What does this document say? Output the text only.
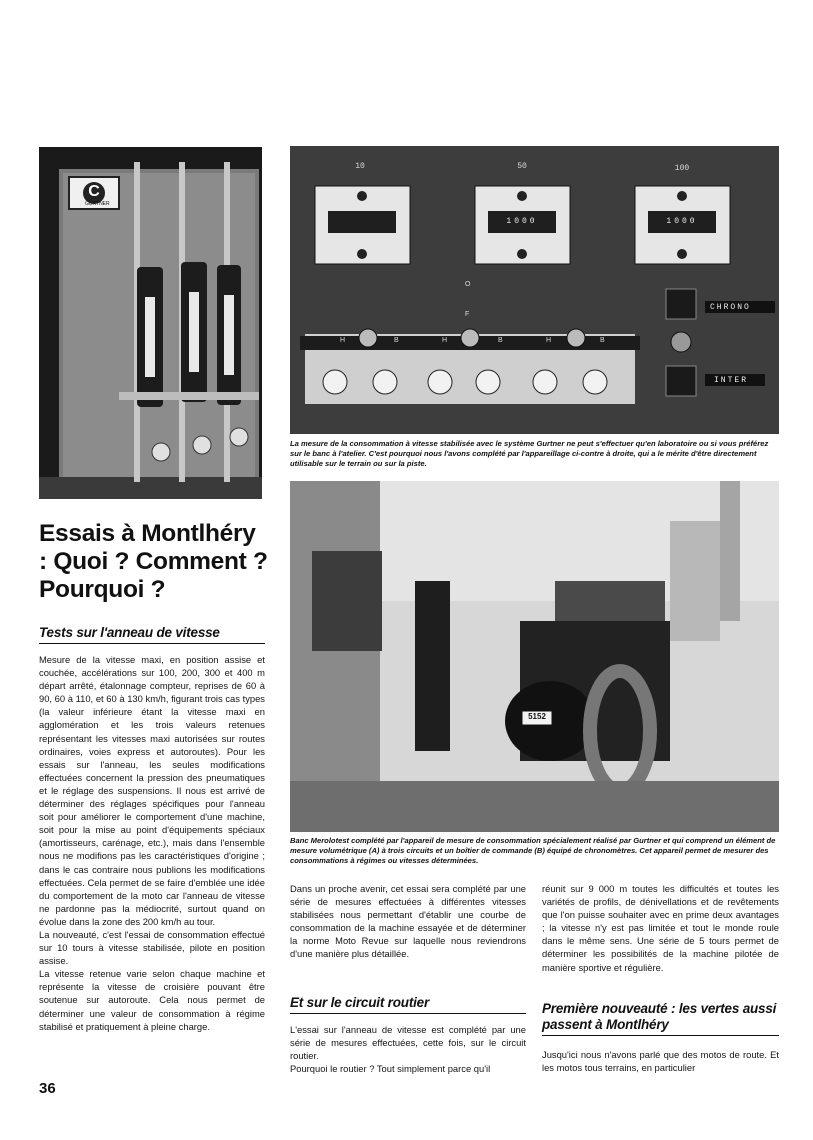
C
GURTNER
10	50	100
1000	1000
O
F
H	B	H	B	H	B
CHRONO
INTER
La mesure de la consommation à vitesse stabilisée avec le système Gurtner ne peut s'effectuer qu'en laboratoire ou si vous préférez sur le banc à l'atelier. C'est pourquoi nous l'avons complété par l'appareillage ci-contre à droite, qui a le mérite d'être directement utilisable sur le terrain ou sur la piste.
5152
Banc Merolotest complété par l'appareil de mesure de consommation spécialement réalisé par Gurtner et qui comprend un élément de mesure volumétrique (A) à trois circuits et un boîtier de commande (B) équipé de chronomètres. Cet appareil permet de mesurer des consommations à régimes ou vitesses déterminées.
Essais à Montlhéry : Quoi ? Comment ? Pourquoi ?
Tests sur l'anneau de vitesse

Mesure de la vitesse maxi, en position assise et couchée, accélérations sur 100, 200, 300 et 400 m départ arrêté, étalonnage compteur, reprises de 60 à 90, 60 à 110, et 60 à 130 km/h, figurant trois cas types (la valeur inférieure étant la vitesse maxi en agglomération et les trois valeurs retenues représentant les vitesses maxi autorisées sur routes ordinaires, voies express et autoroutes). Pour les essais sur l'anneau, les seules modifications effectuées concernent la pression des pneumatiques et le réglage des suspensions. Il nous est arrivé de déterminer des réglages spécifiques pour l'anneau soit pour améliorer le comportement d'une machine, soit pour la mise au point d'équipements spéciaux (amortisseurs, carénage, etc.), mais dans l'ensemble nous ne modifions pas les caractéristiques d'origine ; dans le cas contraire nous publions les modifications effectuées. Cela permet de se faire d'emblée une idée du comportement de la moto car l'anneau de vitesse ne pardonne pas la médiocrité, surtout quand on évolue dans la zone des 200 km/h au tour.

La nouveauté, c'est l'essai de consommation effectué sur 10 tours à vitesse stabilisée, pilote en position assise.

La vitesse retenue varie selon chaque machine et représente la vitesse de croisière pouvant être soutenue sur autoroute. Cela nous permet de déterminer une valeur de consommation à régime stabilisé et pratiquement à pleine charge.

Dans un proche avenir, cet essai sera complété par une série de mesures effectuées à différentes vitesses stabilisées nous permettant d'établir une courbe de consommation de la machine essayée et de déterminer la norme Moto Revue sur laquelle nous reviendrons d'une manière plus détaillée.

Et sur le circuit routier

L'essai sur l'anneau de vitesse est complété par une série de mesures effectuées, cette fois, sur le circuit routier.

Pourquoi le routier ? Tout simplement parce qu'il

réunit sur 9 000 m toutes les difficultés et toutes les variétés de profils, de dénivellations et de revêtements que l'on puisse souhaiter avec en prime deux avantages ; la vitesse n'y est pas limitée et tout le monde roule dans le même sens. Une série de 5 tours permet de déterminer les possibilités de la machine pilotée de manière sportive et régulière.

Première nouveauté : les vertes aussi passent à Montlhéry

Jusqu'ici nous n'avons parlé que des motos de route. Et les motos tous terrains, en particulier

36
